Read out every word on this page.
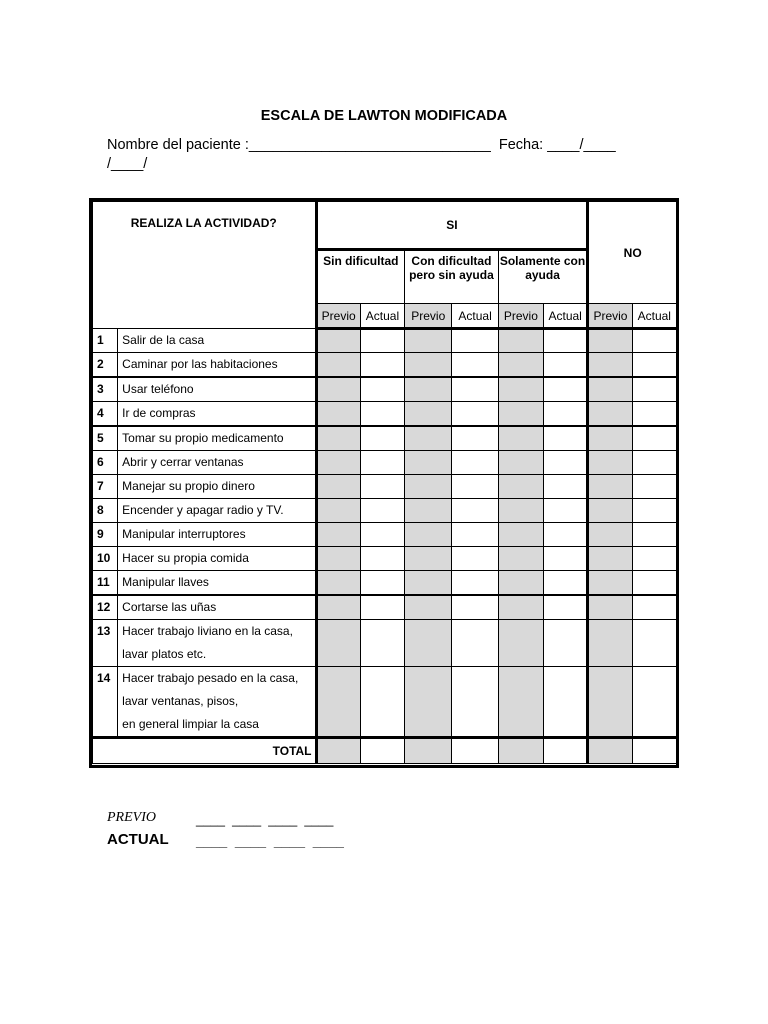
ESCALA DE LAWTON MODIFICADA
Nombre del paciente :______________________________  Fecha: ____/____
/____/
REALIZA LA ACTIVIDAD?		SI						NO	
		Sin dificultad		Con dificultad pero sin ayuda		Solamente con ayuda			
		Previo	Actual	Previo	Actual	Previo	Actual	Previo	Actual
1	Salir de la casa								
2	Caminar por las habitaciones								
3	Usar teléfono								
4	Ir de compras								
5	Tomar su propio medicamento								
6	Abrir y cerrar ventanas								
7	Manejar su propio dinero								
8	Encender y apagar radio y TV.								
9	Manipular interruptores								
10	Hacer su propia comida								
11	Manipular llaves								
12	Cortarse las uñas								
13	Hacer trabajo liviano en la casa,
lavar platos etc.								
14	Hacer trabajo pesado en la casa,
lavar ventanas, pisos,
en general limpiar la casa								
TOTAL									
PREVIO	____  ____  ____  ____
ACTUAL ____  ____  ____  ____
